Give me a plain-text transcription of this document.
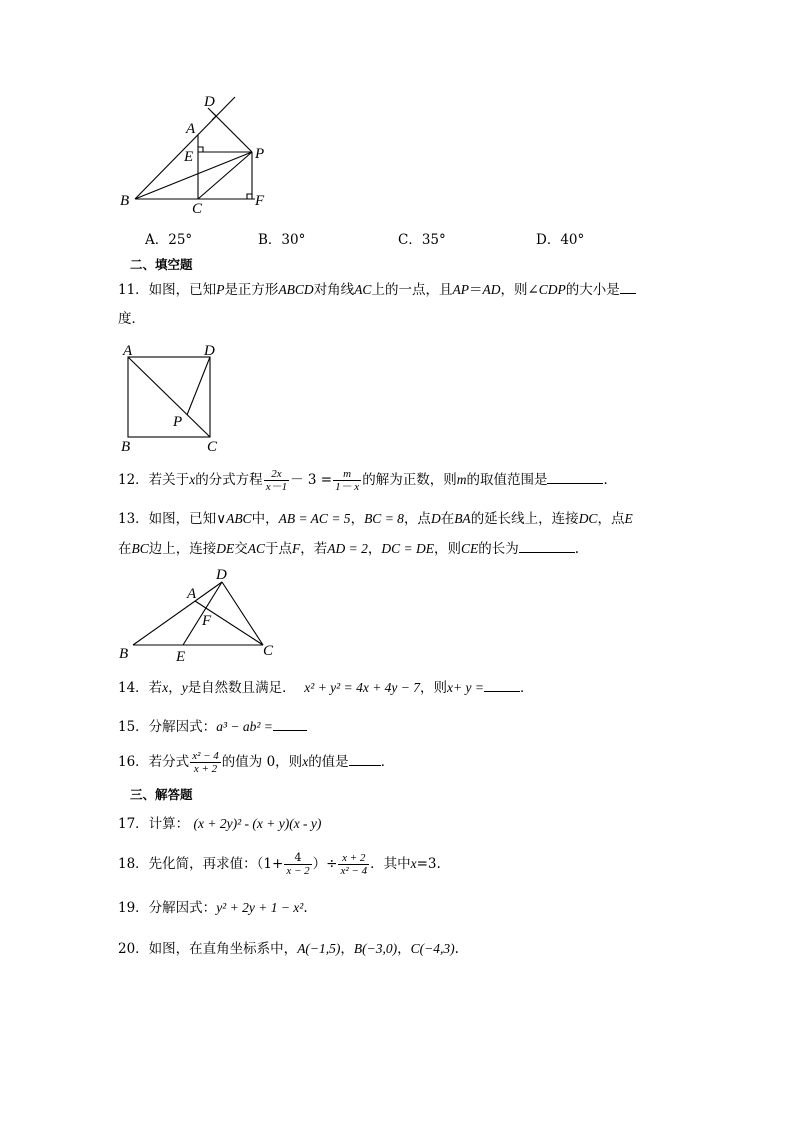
D
A
E	P
B	C	F
A．25°	B．30°	C．35°	D．40°
二、填空题
11．如图，已知P是正方形ABCD对角线AC上的一点，且AP＝AD，则∠CDP的大小是
度．
A	D
P
B	C
12．若关于x的分式方程 $\frac{2x}{x-1} - 3 = \frac{m}{1- x}$ 的解为正数，则m的取值范围是	．
13．如图，已知∨ABC中，AB = AC = 5，BC = 8，点D在BA的延长线上，连接DC，点E
在BC边上，连接DE交AC于点F，若AD = 2，DC = DE，则CE的长为	.
D
A
F
B	E	C
14．若x，y是自然数且满足． x² + y² = 4x + 4y − 7，则x+ y =	．
15．分解因式：a³ − ab² =
16．若分式 $\frac{\text{x² − 4}}{x + 2}$ 的值为 0，则x的值是 ．
三、解答题
17．计算： (x + 2y)² - (x + y)(x - y)
18．先化简，再求值：（$1+ \frac{4}{x - 2}$ ）÷ $\frac{x + 2}{\text{x² − 4}}$ ．其中x=3.
19．分解因式：y² + 2y + 1 − x².
20．如图，在直角坐标系中，A(−1,5)，B(−3,0)，C(−4,3).
